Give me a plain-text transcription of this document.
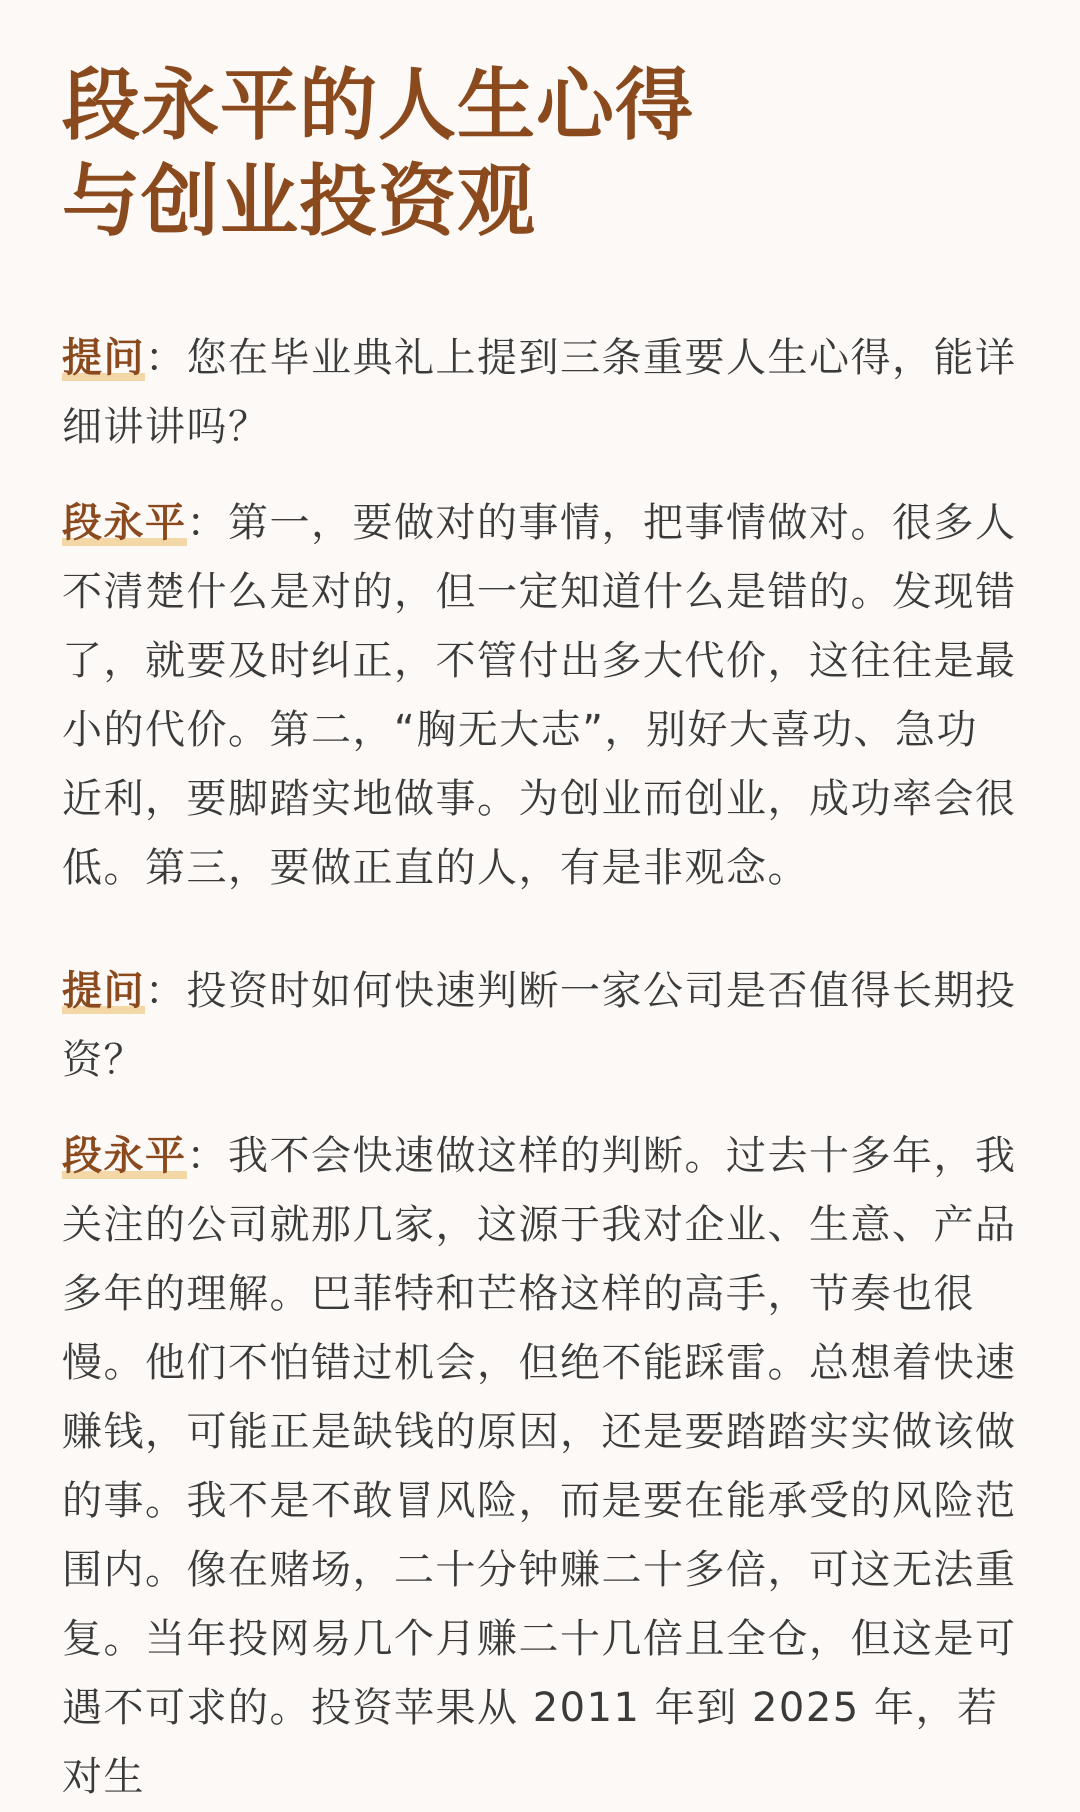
段永平的人生心得
与创业投资观

提问：您在毕业典礼上提到三条重要人生心得，能详细讲讲吗？

段永平：第一，要做对的事情，把事情做对。很多人不清楚什么是对的，但一定知道什么是错的。发现错了，就要及时纠正，不管付出多大代价，这往往是最小的代价。第二，“胸无大志”，别好大喜功、急功近利，要脚踏实地做事。为创业而创业，成功率会很低。第三，要做正直的人，有是非观念。

提问：投资时如何快速判断一家公司是否值得长期投资？

段永平：我不会快速做这样的判断。过去十多年，我关注的公司就那几家，这源于我对企业、生意、产品多年的理解。巴菲特和芒格这样的高手，节奏也很慢。他们不怕错过机会，但绝不能踩雷。总想着快速赚钱，可能正是缺钱的原因，还是要踏踏实实做该做的事。我不是不敢冒风险，而是要在能承受的风险范围内。像在赌场，二十分钟赚二十多倍，可这无法重复。当年投网易几个月赚二十几倍且全仓，但这是可遇不可求的。投资苹果从 2011 年到 2025 年，若对生
